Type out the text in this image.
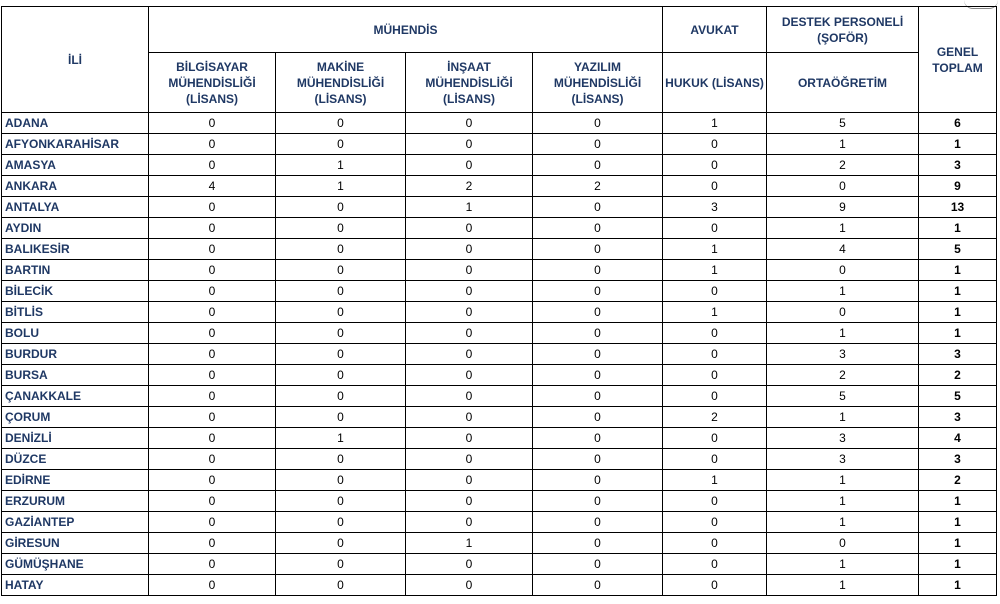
İLİ	MÜHENDİS				AVUKAT	DESTEK PERSONELİ (ŞOFÖR)	GENEL TOPLAM
	BİLGİSAYAR MÜHENDİSLİĞİ (LİSANS)	MAKİNE MÜHENDİSLİĞİ (LİSANS)	İNŞAAT MÜHENDİSLİĞİ (LİSANS)	YAZILIM MÜHENDİSLİĞİ (LİSANS)	HUKUK (LİSANS)	ORTAÖĞRETİM	
ADANA	0	0	0	0	1	5	6
AFYONKARAHİSAR	0	0	0	0	0	1	1
AMASYA	0	1	0	0	0	2	3
ANKARA	4	1	2	2	0	0	9
ANTALYA	0	0	1	0	3	9	13
AYDIN	0	0	0	0	0	1	1
BALIKESİR	0	0	0	0	1	4	5
BARTIN	0	0	0	0	1	0	1
BİLECİK	0	0	0	0	0	1	1
BİTLİS	0	0	0	0	1	0	1
BOLU	0	0	0	0	0	1	1
BURDUR	0	0	0	0	0	3	3
BURSA	0	0	0	0	0	2	2
ÇANAKKALE	0	0	0	0	0	5	5
ÇORUM	0	0	0	0	2	1	3
DENİZLİ	0	1	0	0	0	3	4
DÜZCE	0	0	0	0	0	3	3
EDİRNE	0	0	0	0	1	1	2
ERZURUM	0	0	0	0	0	1	1
GAZİANTEP	0	0	0	0	0	1	1
GİRESUN	0	0	1	0	0	0	1
GÜMÜŞHANE	0	0	0	0	0	1	1
HATAY	0	0	0	0	0	1	1
